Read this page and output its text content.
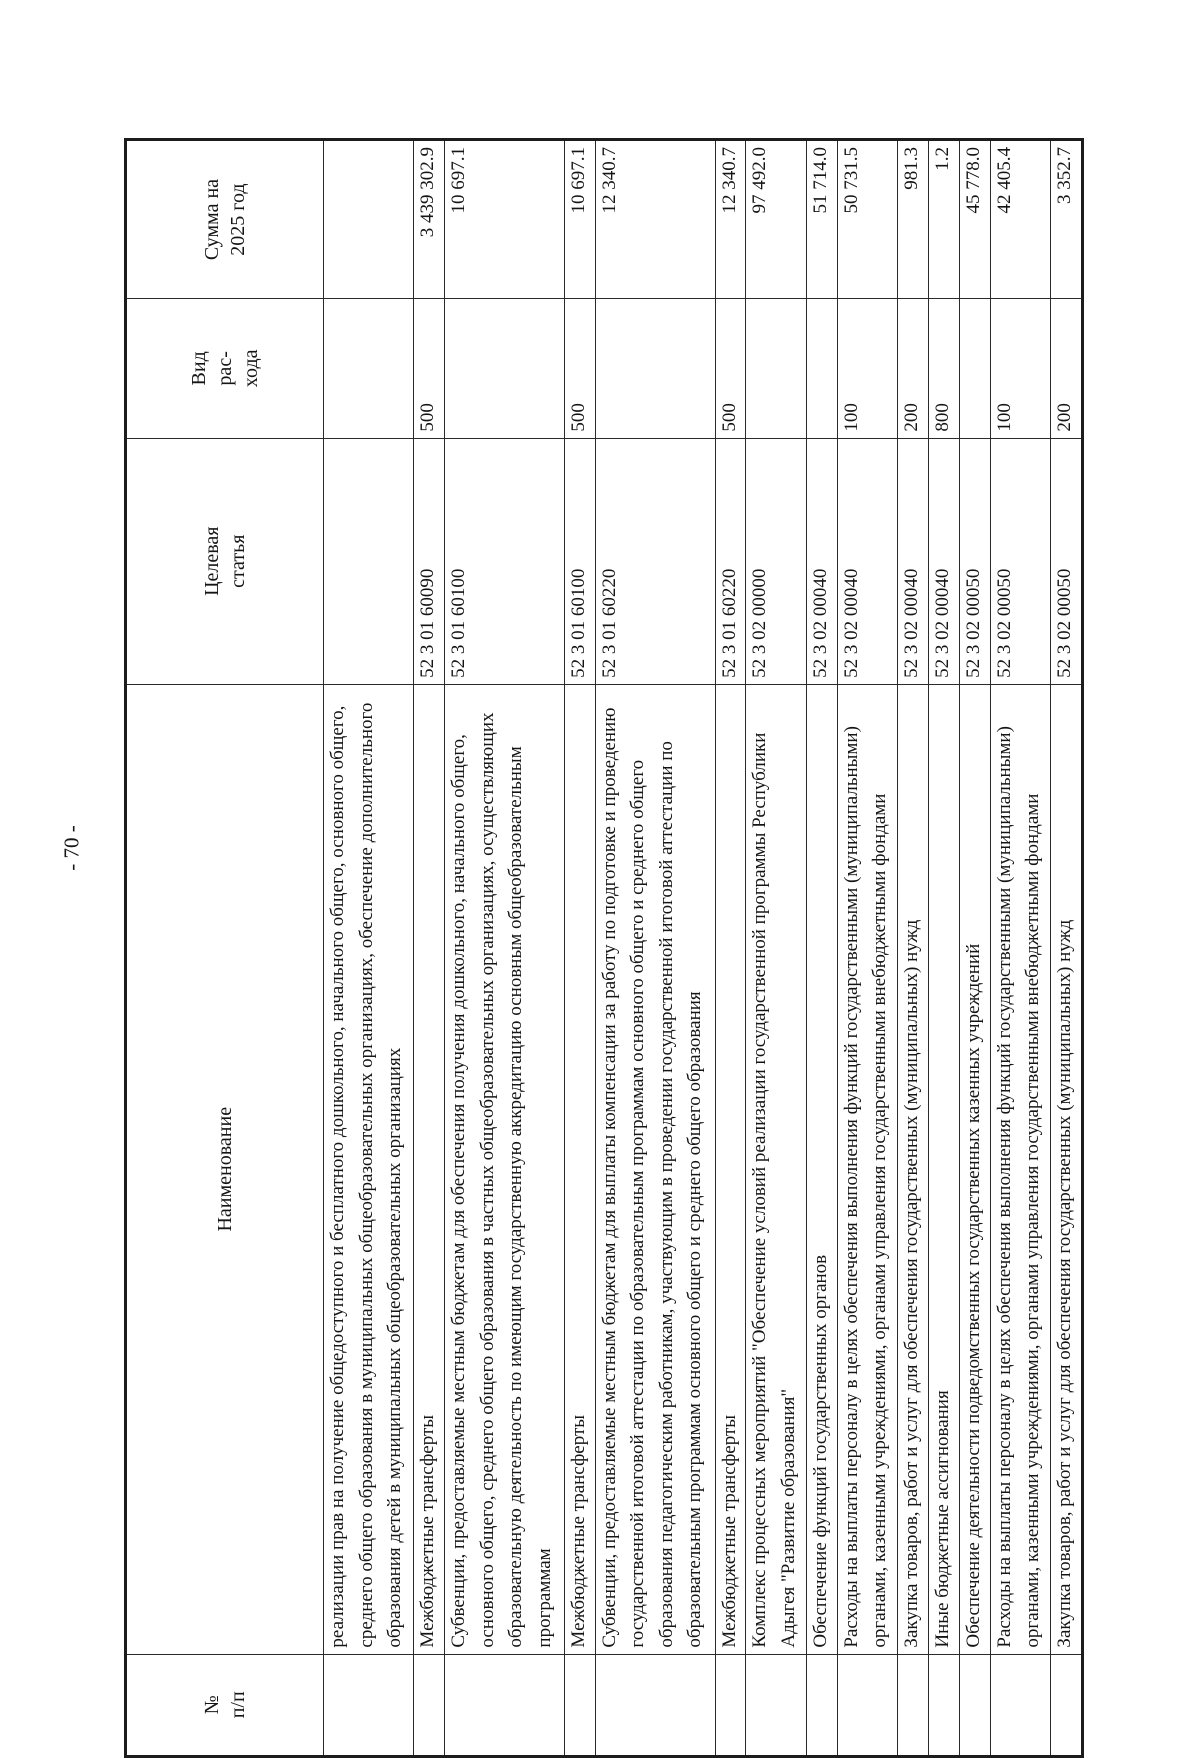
- 70 -
№ п/п	Наименование	Целевая статья	Вид рас- хода	Сумма на 2025 год

	реализации прав на получение общедоступного и бесплатного дошкольного, начального общего, основного общего, среднего общего образования в муниципальных общеобразовательных организациях, обеспечение дополнительного образования детей в муниципальных общеобразовательных организациях			
	Межбюджетные трансферты	52 3 01 60090	500	3 439 302.9
	Субвенции, предоставляемые местным бюджетам для обеспечения получения дошкольного, начального общего, основного общего, среднего общего образования в частных общеобразовательных организациях, осуществляющих образовательную деятельность по имеющим государственную аккредитацию основным общеобразовательным программам	52 3 01 60100		10 697.1
	Межбюджетные трансферты	52 3 01 60100	500	10 697.1
	Субвенции, предоставляемые местным бюджетам для выплаты компенсации за работу по подготовке и проведению государственной итоговой аттестации по образовательным программам основного общего и среднего общего образования педагогическим работникам, участвующим в проведении государственной итоговой аттестации по образовательным программам основного общего и среднего общего образования	52 3 01 60220		12 340.7
	Межбюджетные трансферты	52 3 01 60220	500	12 340.7
	Комплекс процессных мероприятий "Обеспечение условий реализации государственной программы Республики Адыгея "Развитие образования"	52 3 02 00000		97 492.0
	Обеспечение функций государственных органов	52 3 02 00040		51 714.0
	Расходы на выплаты персоналу в целях обеспечения выполнения функций государственными (муниципальными) органами, казенными учреждениями, органами управления государственными внебюджетными фондами	52 3 02 00040	100	50 731.5
	Закупка товаров, работ и услуг для обеспечения государственных (муниципальных) нужд	52 3 02 00040	200	981.3
	Иные бюджетные ассигнования	52 3 02 00040	800	1.2
	Обеспечение деятельности подведомственных государственных казенных учреждений	52 3 02 00050		45 778.0
	Расходы на выплаты персоналу в целях обеспечения выполнения функций государственными (муниципальными) органами, казенными учреждениями, органами управления государственными внебюджетными фондами	52 3 02 00050	100	42 405.4
	Закупка товаров, работ и услуг для обеспечения государственных (муниципальных) нужд	52 3 02 00050	200	3 352.7
